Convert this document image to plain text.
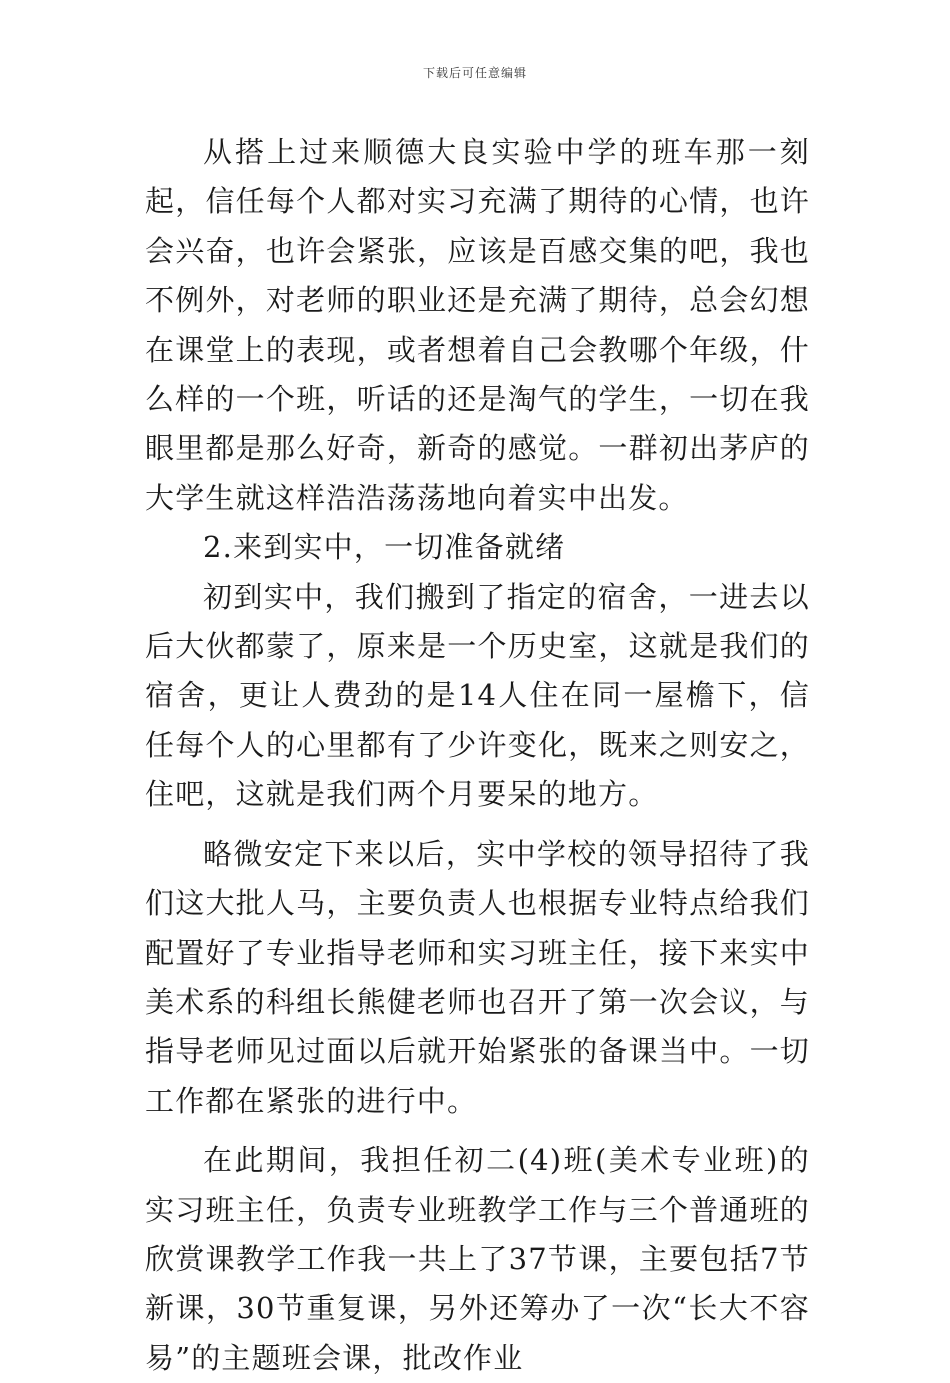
下载后可任意编辑

从搭上过来顺德大良实验中学的班车那一刻起，信任每个人都对实习充满了期待的心情，也许会兴奋，也许会紧张，应该是百感交集的吧，我也不例外，对老师的职业还是充满了期待，总会幻想在课堂上的表现，或者想着自己会教哪个年级，什么样的一个班，听话的还是淘气的学生，一切在我眼里都是那么好奇，新奇的感觉。一群初出茅庐的大学生就这样浩浩荡荡地向着实中出发。

2.来到实中，一切准备就绪

初到实中，我们搬到了指定的宿舍，一进去以后大伙都蒙了，原来是一个历史室，这就是我们的宿舍，更让人费劲的是14人住在同一屋檐下，信任每个人的心里都有了少许变化，既来之则安之，住吧，这就是我们两个月要呆的地方。

略微安定下来以后，实中学校的领导招待了我们这大批人马，主要负责人也根据专业特点给我们配置好了专业指导老师和实习班主任，接下来实中美术系的科组长熊健老师也召开了第一次会议，与指导老师见过面以后就开始紧张的备课当中。一切工作都在紧张的进行中。

在此期间，我担任初二(4)班(美术专业班)的实习班主任，负责专业班教学工作与三个普通班的欣赏课教学工作我一共上了37节课，主要包括7节新课，30节重复课，另外还筹办了一次“长大不容易”的主题班会课，批改作业
